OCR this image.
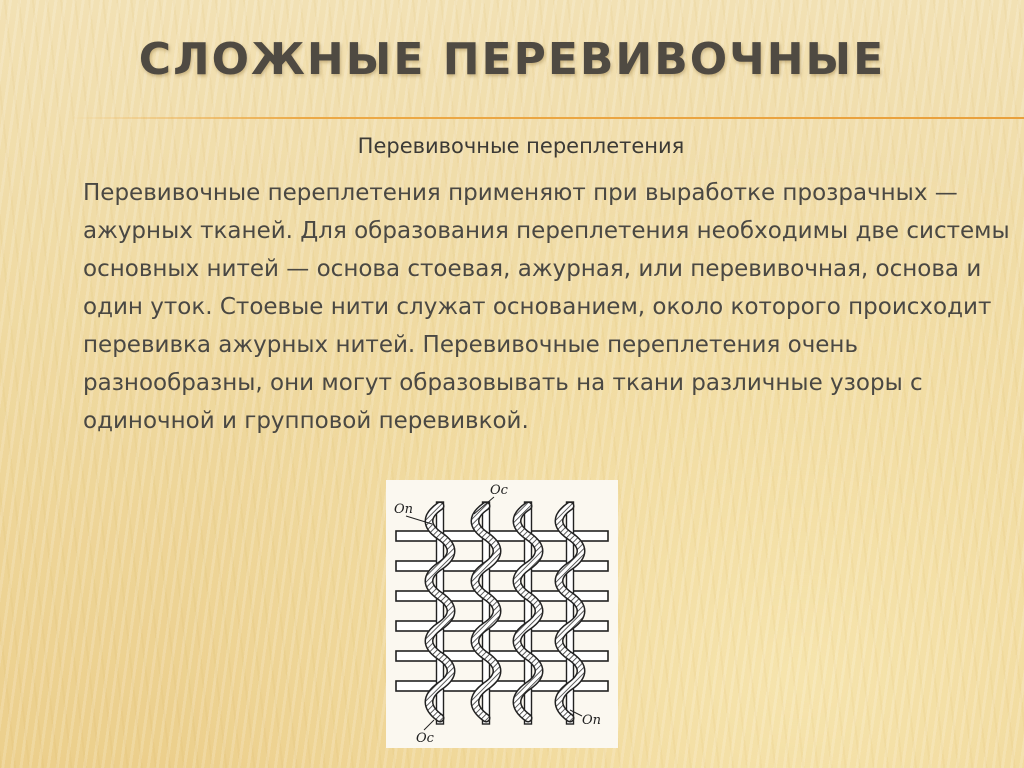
СЛОЖНЫЕ ПЕРЕВИВОЧНЫЕ

Перевивочные переплетения

Перевивочные переплетения применяют при выработке прозрачных — ажурных тканей. Для образования переплетения необходимы две системы основных нитей — основа стоевая, ажурная, или перевивочная, основа и один уток. Стоевые нити служат основанием, около которого происходит перевивка ажурных нитей. Перевивочные переплетения очень разнообразны, они могут образовывать на ткани различные узоры с одиночной и групповой перевивкой.

Оп
Ос
Ос
Оп
